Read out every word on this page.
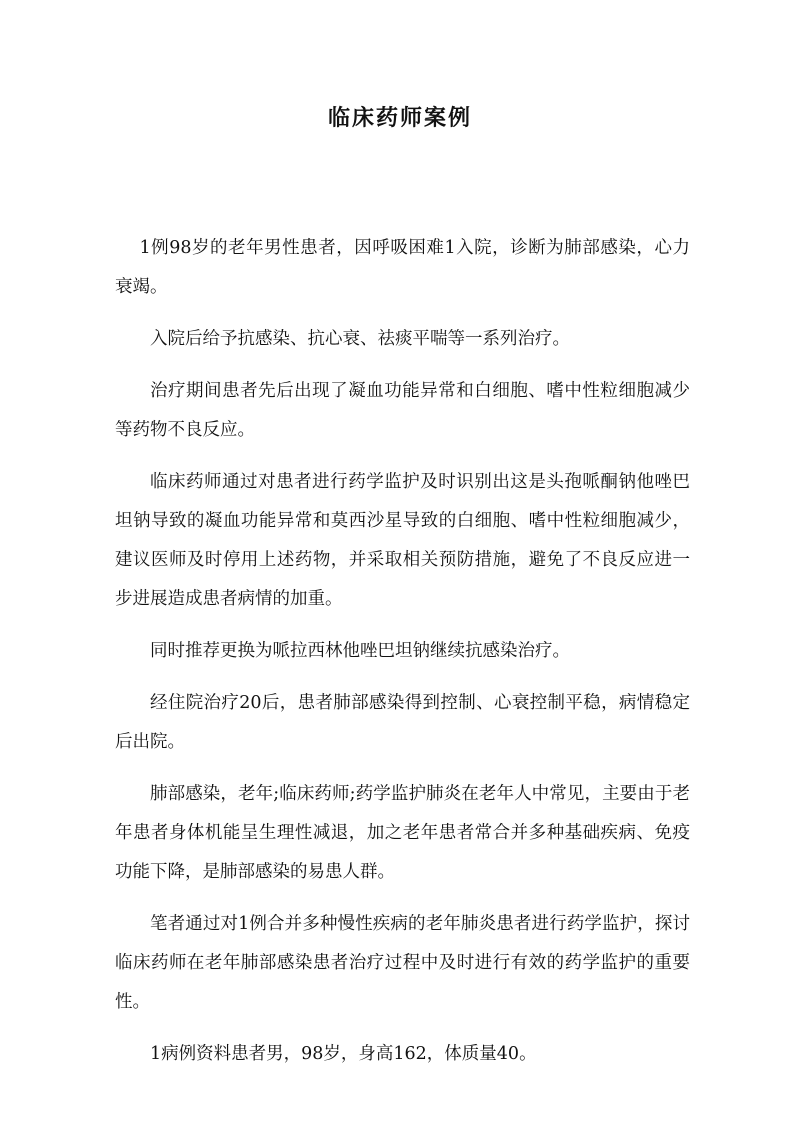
临床药师案例

1例98岁的老年男性患者，因呼吸困难1入院，诊断为肺部感染，心力衰竭。

入院后给予抗感染、抗心衰、祛痰平喘等一系列治疗。

治疗期间患者先后出现了凝血功能异常和白细胞、嗜中性粒细胞减少等药物不良反应。

临床药师通过对患者进行药学监护及时识别出这是头孢哌酮钠他唑巴坦钠导致的凝血功能异常和莫西沙星导致的白细胞、嗜中性粒细胞减少，建议医师及时停用上述药物，并采取相关预防措施，避免了不良反应进一步进展造成患者病情的加重。

同时推荐更换为哌拉西林他唑巴坦钠继续抗感染治疗。

经住院治疗20后，患者肺部感染得到控制、心衰控制平稳，病情稳定后出院。

肺部感染，老年;临床药师;药学监护肺炎在老年人中常见，主要由于老年患者身体机能呈生理性减退，加之老年患者常合并多种基础疾病、免疫功能下降，是肺部感染的易患人群。

笔者通过对1例合并多种慢性疾病的老年肺炎患者进行药学监护，探讨临床药师在老年肺部感染患者治疗过程中及时进行有效的药学监护的重要性。

1病例资料患者男，98岁，身高162，体质量40。
